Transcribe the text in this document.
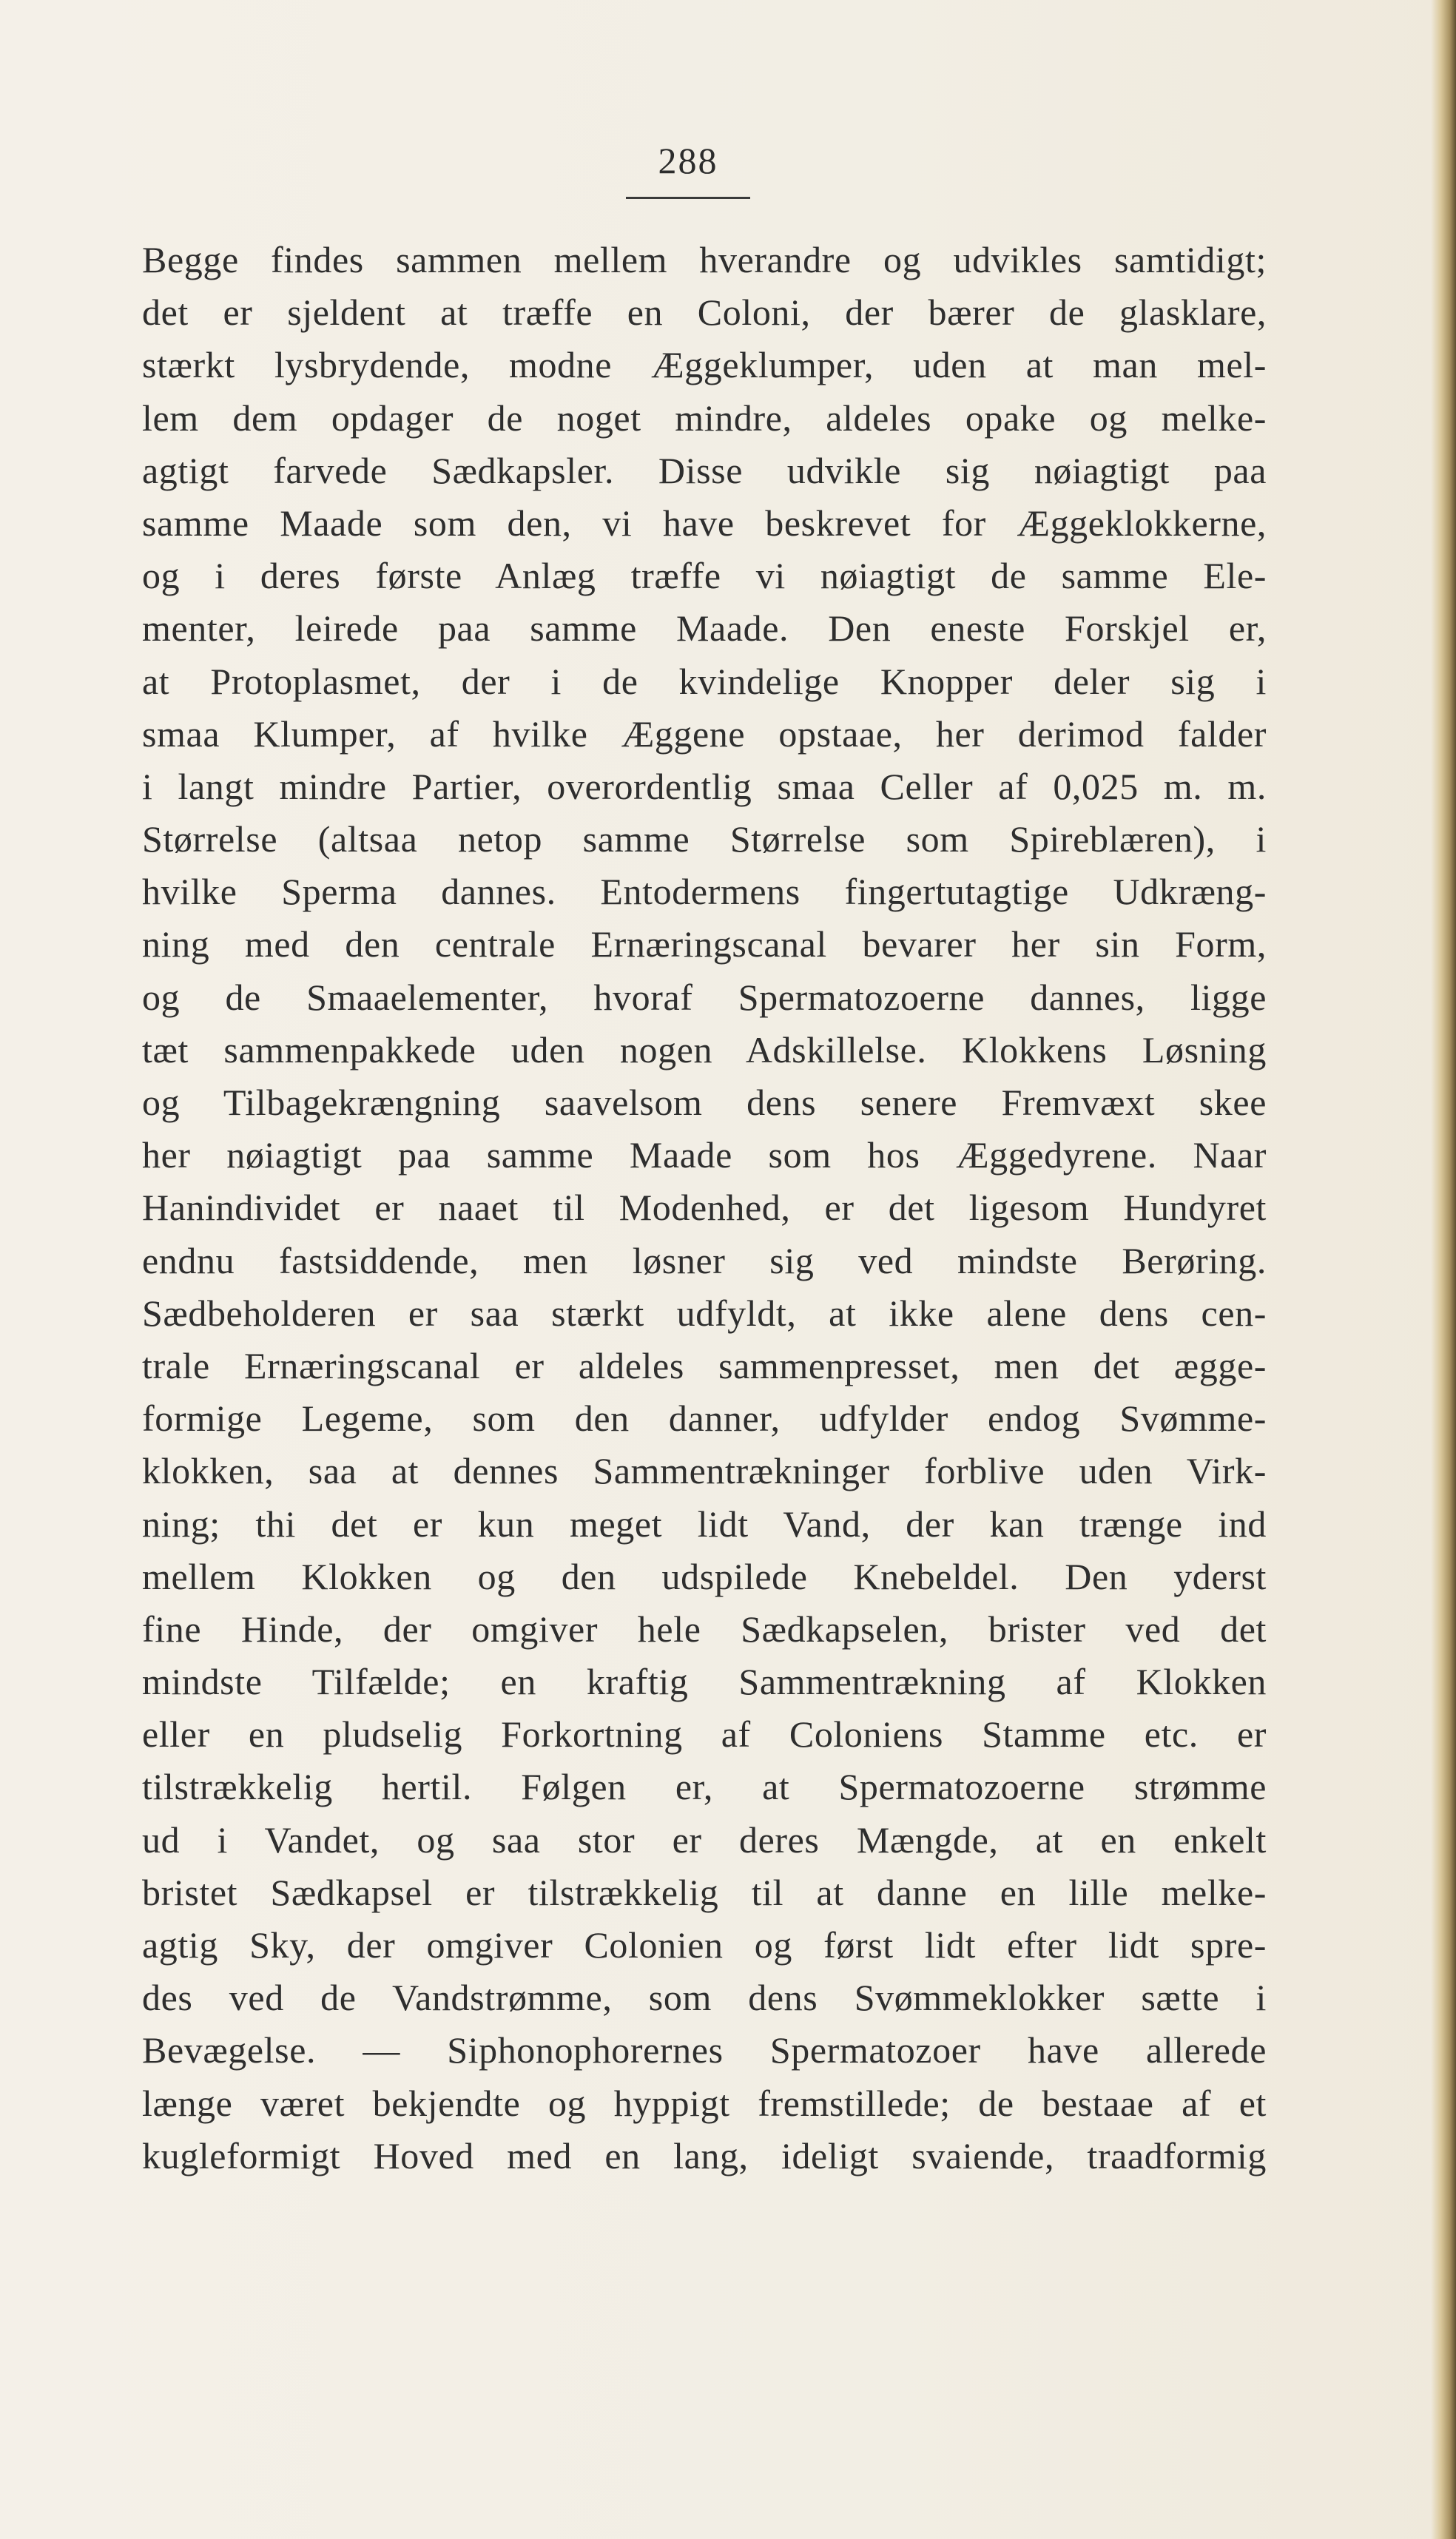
288
Begge findes sammen mellem hverandre og udvikles samtidigt;
det er sjeldent at træffe en Coloni, der bærer de glasklare,
stærkt lysbrydende, modne Æggeklumper, uden at man mel-
lem dem opdager de noget mindre, aldeles opake og melke-
agtigt farvede Sædkapsler. Disse udvikle sig nøiagtigt paa
samme Maade som den, vi have beskrevet for Æggeklokkerne,
og i deres første Anlæg træffe vi nøiagtigt de samme Ele-
menter, leirede paa samme Maade. Den eneste Forskjel er,
at Protoplasmet, der i de kvindelige Knopper deler sig i
smaa Klumper, af hvilke Æggene opstaae, her derimod falder
i langt mindre Partier, overordentlig smaa Celler af 0,025 m. m.
Størrelse (altsaa netop samme Størrelse som Spireblæren), i
hvilke Sperma dannes. Entodermens fingertutagtige Udkræng-
ning med den centrale Ernæringscanal bevarer her sin Form,
og de Smaaelementer, hvoraf Spermatozoerne dannes, ligge
tæt sammenpakkede uden nogen Adskillelse. Klokkens Løsning
og Tilbagekrængning saavelsom dens senere Fremvæxt skee
her nøiagtigt paa samme Maade som hos Æggedyrene. Naar
Hanindividet er naaet til Modenhed, er det ligesom Hundyret
endnu fastsiddende, men løsner sig ved mindste Berøring.
Sædbeholderen er saa stærkt udfyldt, at ikke alene dens cen-
trale Ernæringscanal er aldeles sammenpresset, men det ægge-
formige Legeme, som den danner, udfylder endog Svømme-
klokken, saa at dennes Sammentrækninger forblive uden Virk-
ning; thi det er kun meget lidt Vand, der kan trænge ind
mellem Klokken og den udspilede Knebeldel. Den yderst
fine Hinde, der omgiver hele Sædkapselen, brister ved det
mindste Tilfælde; en kraftig Sammentrækning af Klokken
eller en pludselig Forkortning af Coloniens Stamme etc. er
tilstrækkelig hertil. Følgen er, at Spermatozoerne strømme
ud i Vandet, og saa stor er deres Mængde, at en enkelt
bristet Sædkapsel er tilstrækkelig til at danne en lille melke-
agtig Sky, der omgiver Colonien og først lidt efter lidt spre-
des ved de Vandstrømme, som dens Svømmeklokker sætte i
Bevægelse. — Siphonophorernes Spermatozoer have allerede
længe været bekjendte og hyppigt fremstillede; de bestaae af et
kugleformigt Hoved med en lang, ideligt svaiende, traadformig
